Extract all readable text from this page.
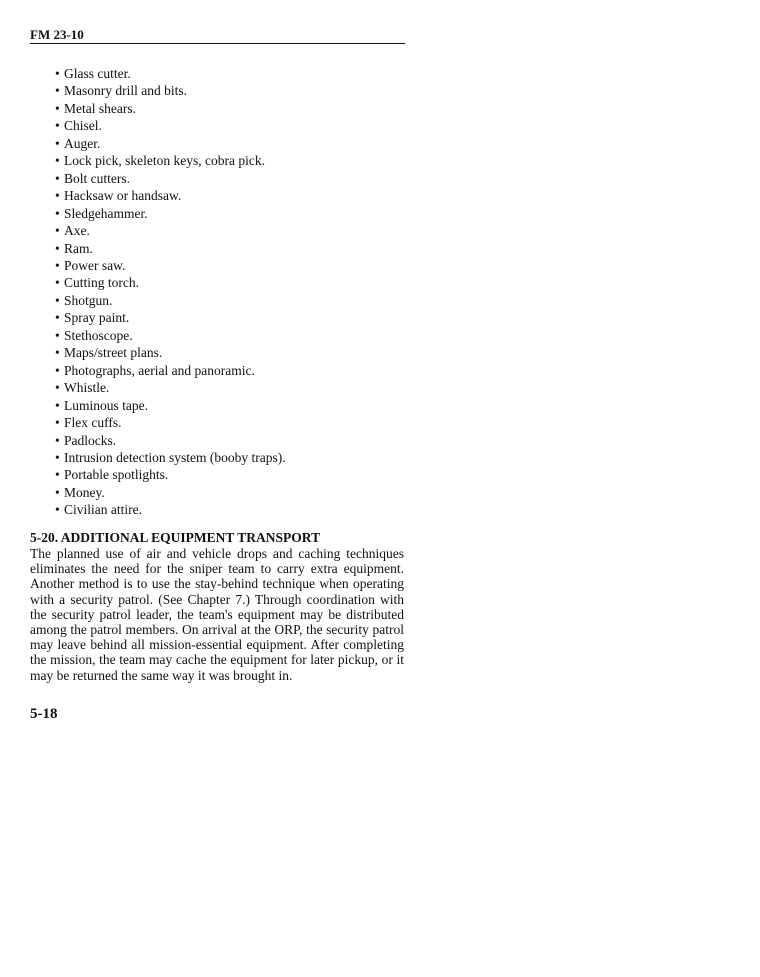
FM 23-10
• Glass cutter.
• Masonry drill and bits.
• Metal shears.
• Chisel.
• Auger.
• Lock pick, skeleton keys, cobra pick.
• Bolt cutters.
• Hacksaw or handsaw.
• Sledgehammer.
• Axe.
• Ram.
• Power saw.
• Cutting torch.
• Shotgun.
• Spray paint.
• Stethoscope.
• Maps/street plans.
• Photographs, aerial and panoramic.
• Whistle.
• Luminous tape.
• Flex cuffs.
• Padlocks.
• Intrusion detection system (booby traps).
• Portable spotlights.
• Money.
• Civilian attire.
5-20. ADDITIONAL EQUIPMENT TRANSPORT

The planned use of air and vehicle drops and caching techniques eliminates the need for the sniper team to carry extra equipment. Another method is to use the stay-behind technique when operating with a security patrol. (See Chapter 7.) Through coordination with the security patrol leader, the team's equipment may be distributed among the patrol members. On arrival at the ORP, the security patrol may leave behind all mission-essential equipment. After completing the mission, the team may cache the equipment for later pickup, or it may be returned the same way it was brought in.

5-18
